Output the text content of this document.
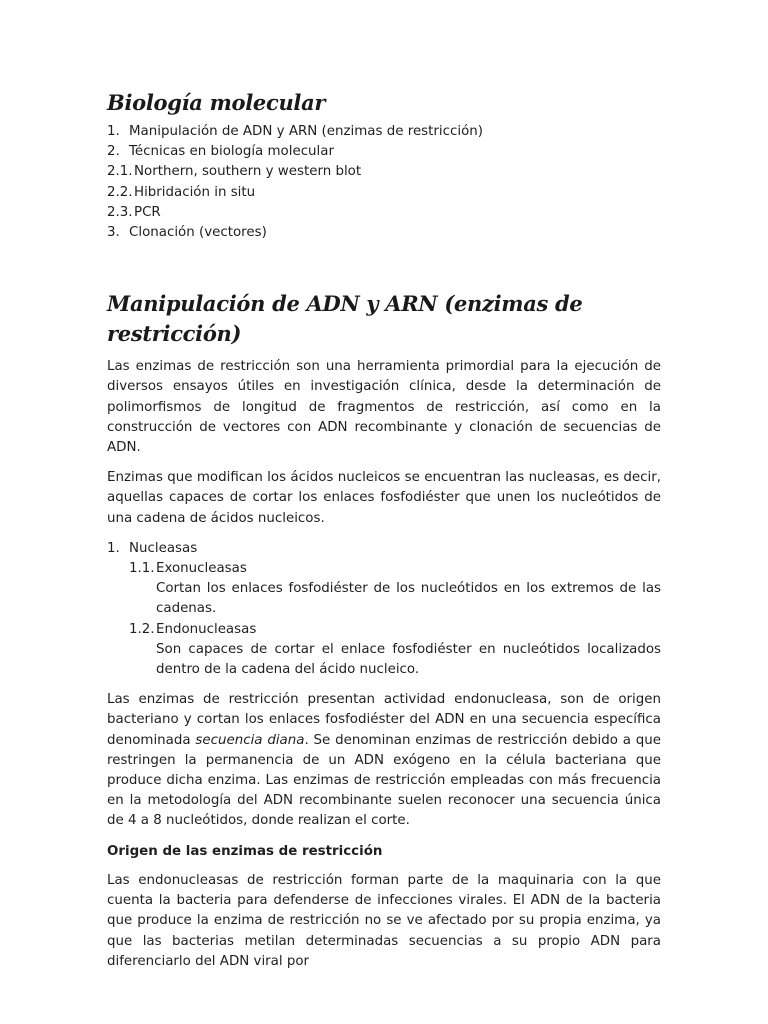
Biología molecular
1. Manipulación de ADN y ARN (enzimas de restricción)
2. Técnicas en biología molecular
2.1. Northern, southern y western blot
2.2. Hibridación in situ
2.3. PCR
3. Clonación (vectores)
Manipulación de ADN y ARN (enzimas de restricción)

Las enzimas de restricción son una herramienta primordial para la ejecución de diversos ensayos útiles en investigación clínica, desde la determinación de polimorfismos de longitud de fragmentos de restricción, así como en la construcción de vectores con ADN recombinante y clonación de secuencias de ADN.

Enzimas que modifican los ácidos nucleicos se encuentran las nucleasas, es decir, aquellas capaces de cortar los enlaces fosfodiéster que unen los nucleótidos de una cadena de ácidos nucleicos.

1. Nucleasas
1.1. Exonucleasas
Cortan los enlaces fosfodiéster de los nucleótidos en los extremos de las cadenas.
1.2. Endonucleasas
Son capaces de cortar el enlace fosfodiéster en nucleótidos localizados dentro de la cadena del ácido nucleico.

Las enzimas de restricción presentan actividad endonucleasa, son de origen bacteriano y cortan los enlaces fosfodiéster del ADN en una secuencia específica denominada secuencia diana. Se denominan enzimas de restricción debido a que restringen la permanencia de un ADN exógeno en la célula bacteriana que produce dicha enzima. Las enzimas de restricción empleadas con más frecuencia en la metodología del ADN recombinante suelen reconocer una secuencia única de 4 a 8 nucleótidos, donde realizan el corte.

Origen de las enzimas de restricción

Las endonucleasas de restricción forman parte de la maquinaria con la que cuenta la bacteria para defenderse de infecciones virales. El ADN de la bacteria que produce la enzima de restricción no se ve afectado por su propia enzima, ya que las bacterias metilan determinadas secuencias a su propio ADN para diferenciarlo del ADN viral por
